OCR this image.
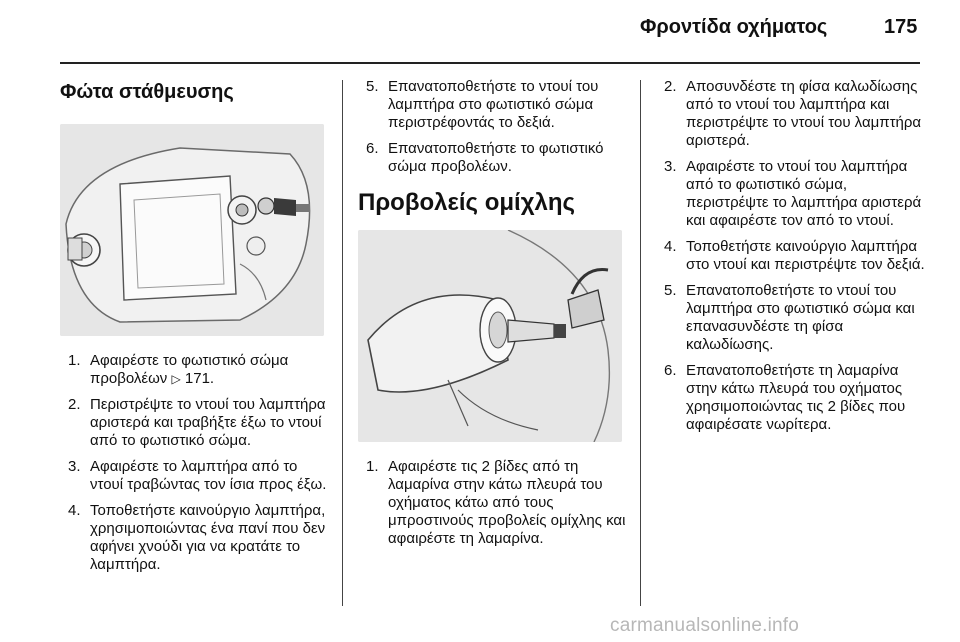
Φροντίδα οχήματος	175
Φώτα στάθμευσης
1. Αφαιρέστε το φωτιστικό σώμα προβολέων ▷ 171.
2. Περιστρέψτε το ντουί του λαμπτήρα αριστερά και τραβήξτε έξω το ντουί από το φωτιστικό σώμα.
3. Αφαιρέστε το λαμπτήρα από το ντουί τραβώντας τον ίσια προς έξω.
4. Τοποθετήστε καινούργιο λαμπτήρα, χρησιμοποιώντας ένα πανί που δεν αφήνει χνούδι για να κρατάτε το λαμπτήρα.
5. Επανατοποθετήστε το ντουί του λαμπτήρα στο φωτιστικό σώμα περιστρέφοντάς το δεξιά.
6. Επανατοποθετήστε το φωτιστικό σώμα προβολέων.
Προβολείς ομίχλης
1. Αφαιρέστε τις 2 βίδες από τη λαμαρίνα στην κάτω πλευρά του οχήματος κάτω από τους μπροστινούς προβολείς ομίχλης και αφαιρέστε τη λαμαρίνα.
2. Αποσυνδέστε τη φίσα καλωδίωσης από το ντουί του λαμπτήρα και περιστρέψτε το ντουί του λαμπτήρα αριστερά.
3. Αφαιρέστε το ντουί του λαμπτήρα από το φωτιστικό σώμα, περιστρέψτε το λαμπτήρα αριστερά και αφαιρέστε τον από το ντουί.
4. Τοποθετήστε καινούργιο λαμπτήρα στο ντουί και περιστρέψτε τον δεξιά.
5. Επανατοποθετήστε το ντουί του λαμπτήρα στο φωτιστικό σώμα και επανασυνδέστε τη φίσα καλωδίωσης.
6. Επανατοποθετήστε τη λαμαρίνα στην κάτω πλευρά του οχήματος χρησιμοποιώντας τις 2 βίδες που αφαιρέσατε νωρίτερα.
carmanualsonline.info
